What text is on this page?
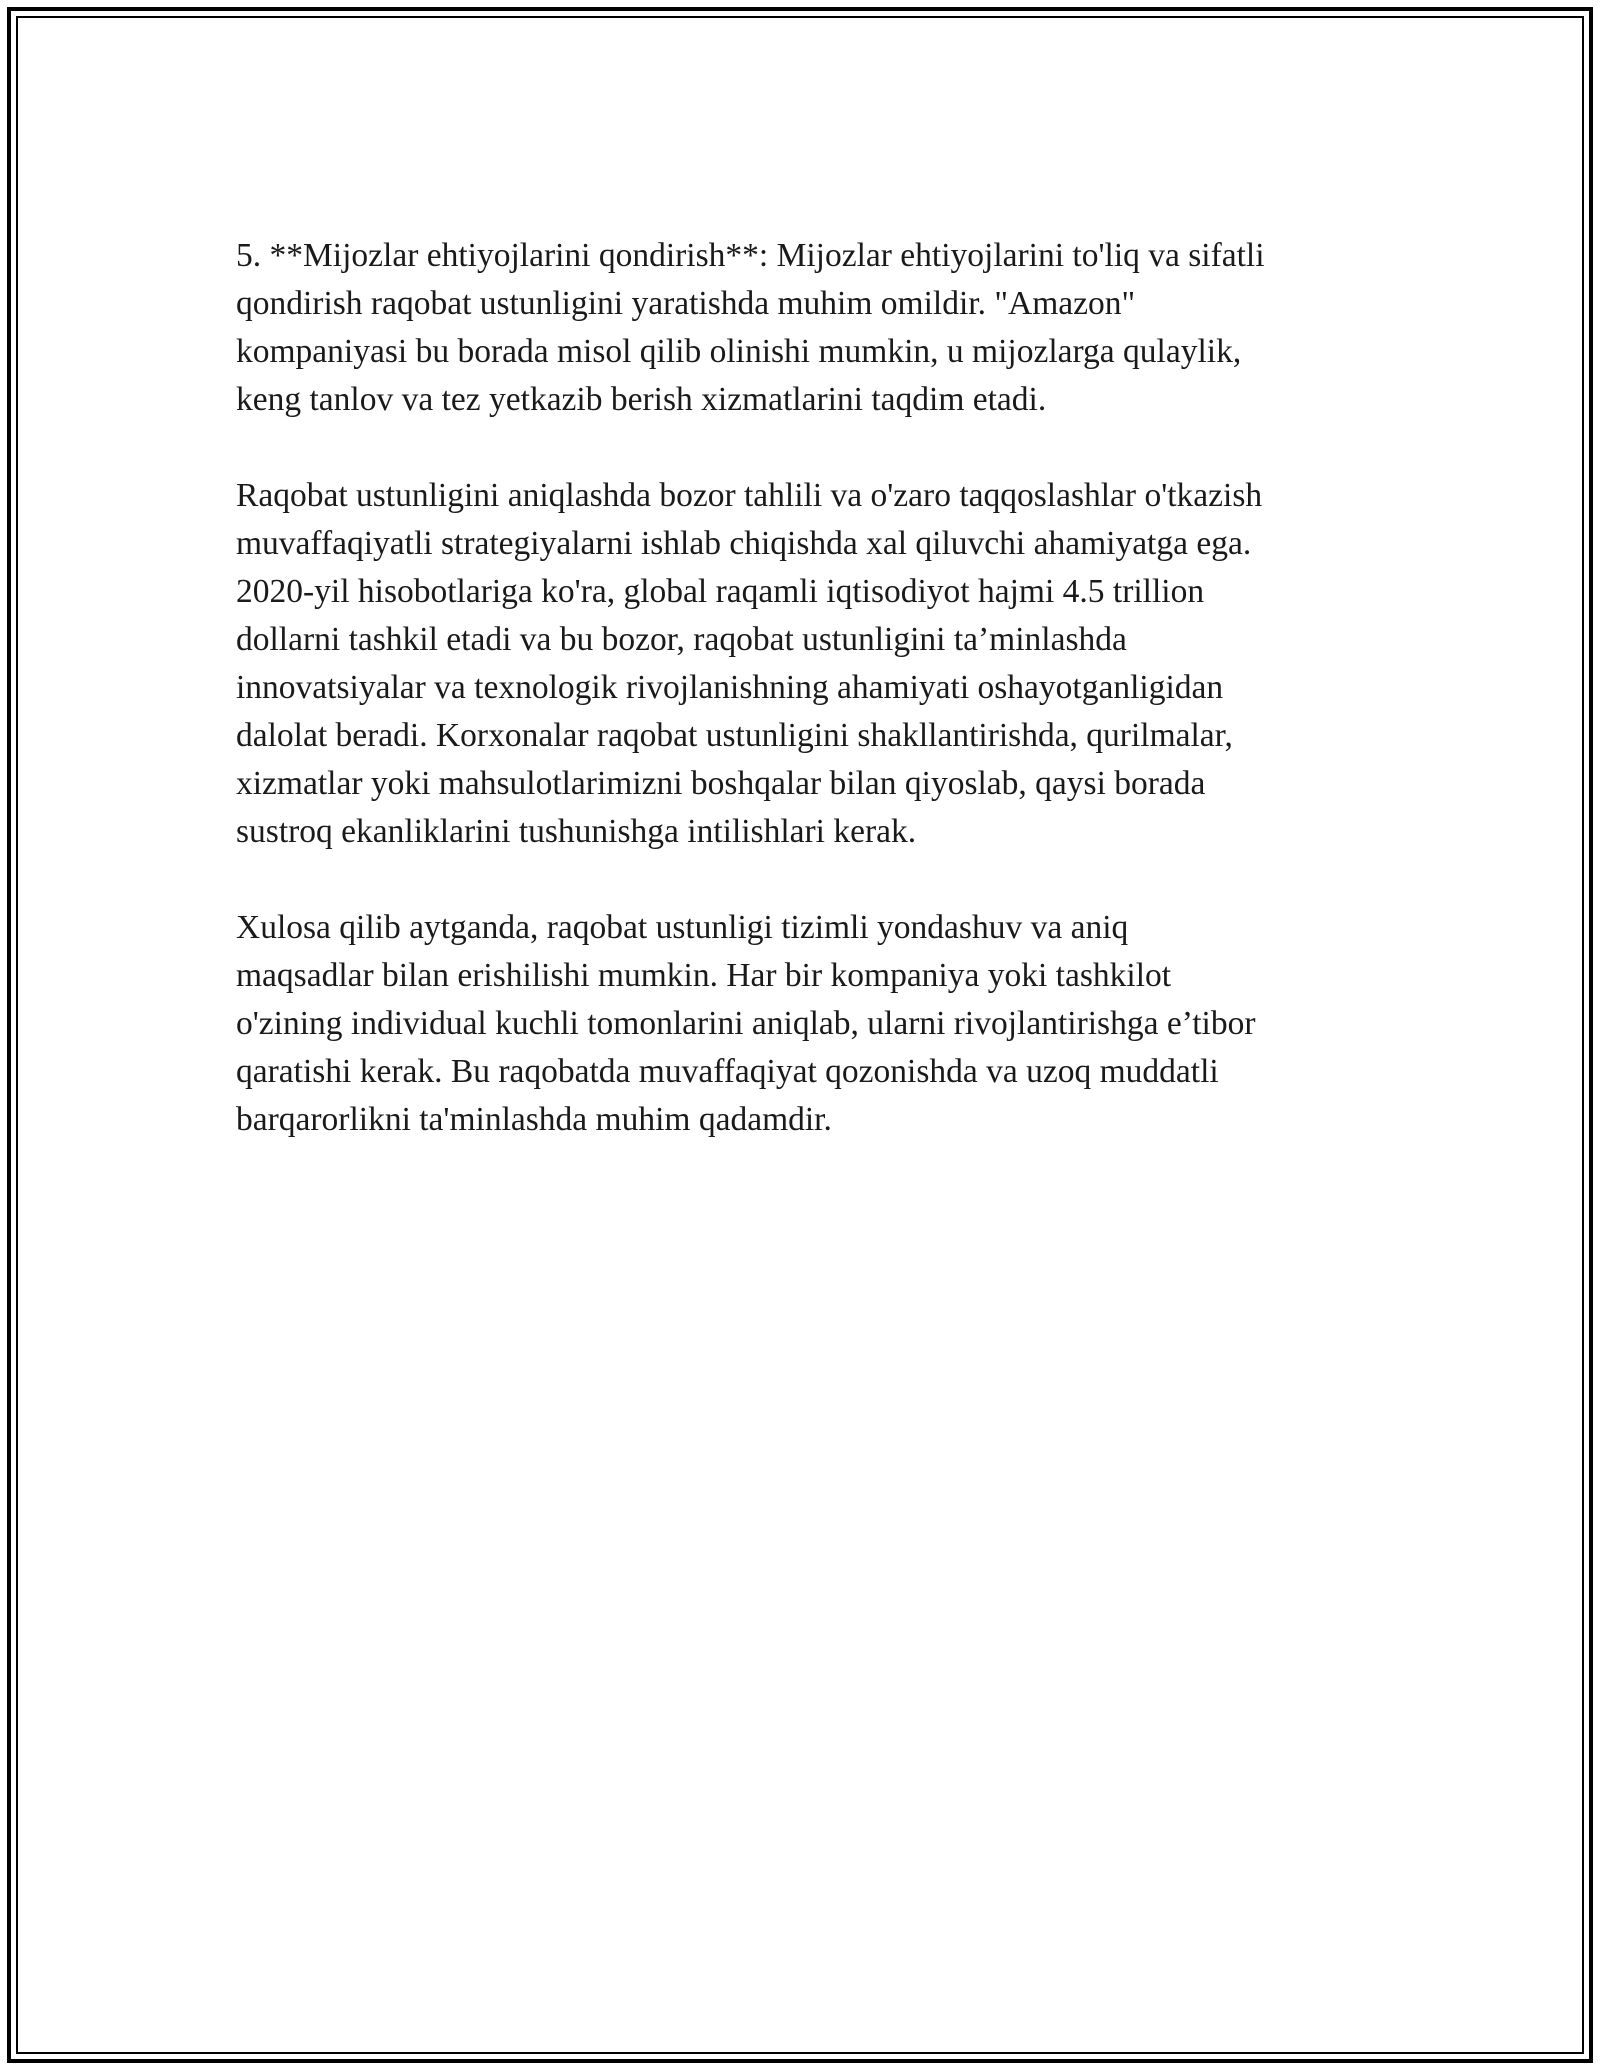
5. **Mijozlar ehtiyojlarini qondirish**: Mijozlar ehtiyojlarini to'liq va sifatli
qondirish raqobat ustunligini yaratishda muhim omildir. "Amazon"
kompaniyasi bu borada misol qilib olinishi mumkin, u mijozlarga qulaylik,
keng tanlov va tez yetkazib berish xizmatlarini taqdim etadi.

Raqobat ustunligini aniqlashda bozor tahlili va o'zaro taqqoslashlar o'tkazish
muvaffaqiyatli strategiyalarni ishlab chiqishda xal qiluvchi ahamiyatga ega.
2020-yil hisobotlariga ko'ra, global raqamli iqtisodiyot hajmi 4.5 trillion
dollarni tashkil etadi va bu bozor, raqobat ustunligini ta’minlashda
innovatsiyalar va texnologik rivojlanishning ahamiyati oshayotganligidan
dalolat beradi. Korxonalar raqobat ustunligini shakllantirishda, qurilmalar,
xizmatlar yoki mahsulotlarimizni boshqalar bilan qiyoslab, qaysi borada
sustroq ekanliklarini tushunishga intilishlari kerak.

Xulosa qilib aytganda, raqobat ustunligi tizimli yondashuv va aniq
maqsadlar bilan erishilishi mumkin. Har bir kompaniya yoki tashkilot
o'zining individual kuchli tomonlarini aniqlab, ularni rivojlantirishga e’tibor
qaratishi kerak. Bu raqobatda muvaffaqiyat qozonishda va uzoq muddatli
barqarorlikni ta'minlashda muhim qadamdir.
